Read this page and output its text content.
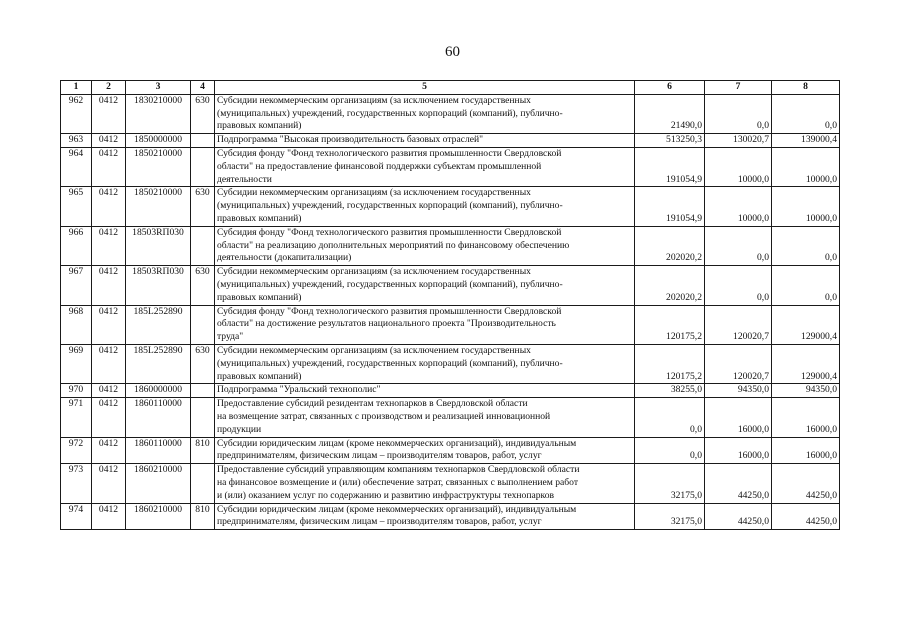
60
1	2	3	4	5	6	7	8
962	0412	1830210000	630	Субсидии некоммерческим организациям (за исключением государственных
(муниципальных) учреждений, государственных корпораций (компаний), публично-
правовых компаний)	21490,0	0,0	0,0
963	0412	1850000000		Подпрограмма "Высокая производительность базовых отраслей"	513250,3	130020,7	139000,4
964	0412	1850210000		Субсидия фонду "Фонд технологического развития промышленности Свердловской
области" на предоставление финансовой поддержки субъектам промышленной
деятельности	191054,9	10000,0	10000,0
965	0412	1850210000	630	Субсидии некоммерческим организациям (за исключением государственных
(муниципальных) учреждений, государственных корпораций (компаний), публично-
правовых компаний)	191054,9	10000,0	10000,0
966	0412	18503RП030		Субсидия фонду "Фонд технологического развития промышленности Свердловской
области" на реализацию дополнительных мероприятий по финансовому обеспечению
деятельности (докапитализации)	202020,2	0,0	0,0
967	0412	18503RП030	630	Субсидии некоммерческим организациям (за исключением государственных
(муниципальных) учреждений, государственных корпораций (компаний), публично-
правовых компаний)	202020,2	0,0	0,0
968	0412	185L252890		Субсидия фонду "Фонд технологического развития промышленности Свердловской
области" на достижение результатов национального проекта "Производительность
труда"	120175,2	120020,7	129000,4
969	0412	185L252890	630	Субсидии некоммерческим организациям (за исключением государственных
(муниципальных) учреждений, государственных корпораций (компаний), публично-
правовых компаний)	120175,2	120020,7	129000,4
970	0412	1860000000		Подпрограмма "Уральский технополис"	38255,0	94350,0	94350,0
971	0412	1860110000		Предоставление субсидий резидентам технопарков в Свердловской области
на возмещение затрат, связанных с производством и реализацией инновационной
продукции	0,0	16000,0	16000,0
972	0412	1860110000	810	Субсидии юридическим лицам (кроме некоммерческих организаций), индивидуальным
предпринимателям, физическим лицам – производителям товаров, работ, услуг	0,0	16000,0	16000,0
973	0412	1860210000		Предоставление субсидий управляющим компаниям технопарков Свердловской области
на финансовое возмещение и (или) обеспечение затрат, связанных с выполнением работ
и (или) оказанием услуг по содержанию и развитию инфраструктуры технопарков	32175,0	44250,0	44250,0
974	0412	1860210000	810	Субсидии юридическим лицам (кроме некоммерческих организаций), индивидуальным
предпринимателям, физическим лицам – производителям товаров, работ, услуг	32175,0	44250,0	44250,0
